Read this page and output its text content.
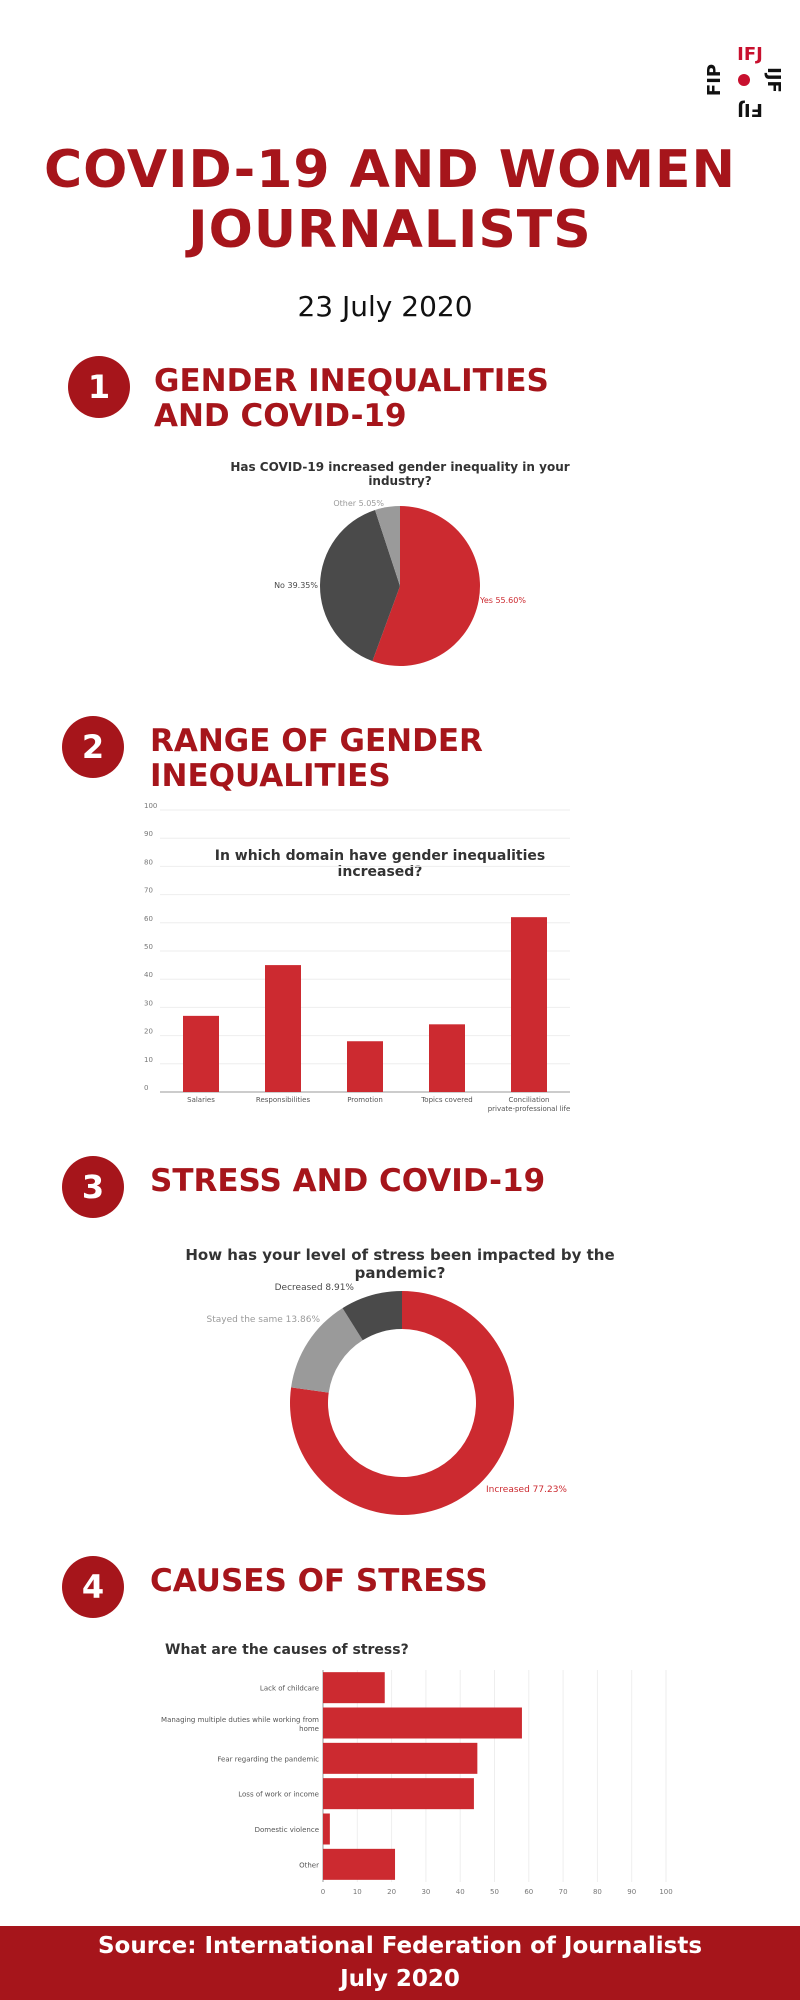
IFJ
FIJ
FIP IJF
COVID-19 AND WOMEN
JOURNALISTS
23 July 2020
1	GENDER INEQUALITIES
AND COVID-19
Has COVID-19 increased gender inequality in your industry?
Yes 55.60%
No 39.35%
Other 5.05%
2	RANGE OF GENDER
INEQUALITIES
In which domain have gender inequalities increased?
0
10
20
30
40
50
60
70
80
90
100
Salaries	Responsibilities	Promotion	Topics covered	Conciliation
private-professional life
3	STRESS AND COVID-19
How has your level of stress been impacted by the pandemic?
Increased 77.23%
Stayed the same 13.86%
Decreased 8.91%
4	CAUSES OF STRESS
What are the causes of stress?
0	10	20	30	40	50	60	70	80	90	100
Lack of childcare
Managing multiple duties while working from
home
Fear regarding the pandemic
Loss of work or income
Domestic violence
Other
Source: International Federation of Journalists
July 2020
